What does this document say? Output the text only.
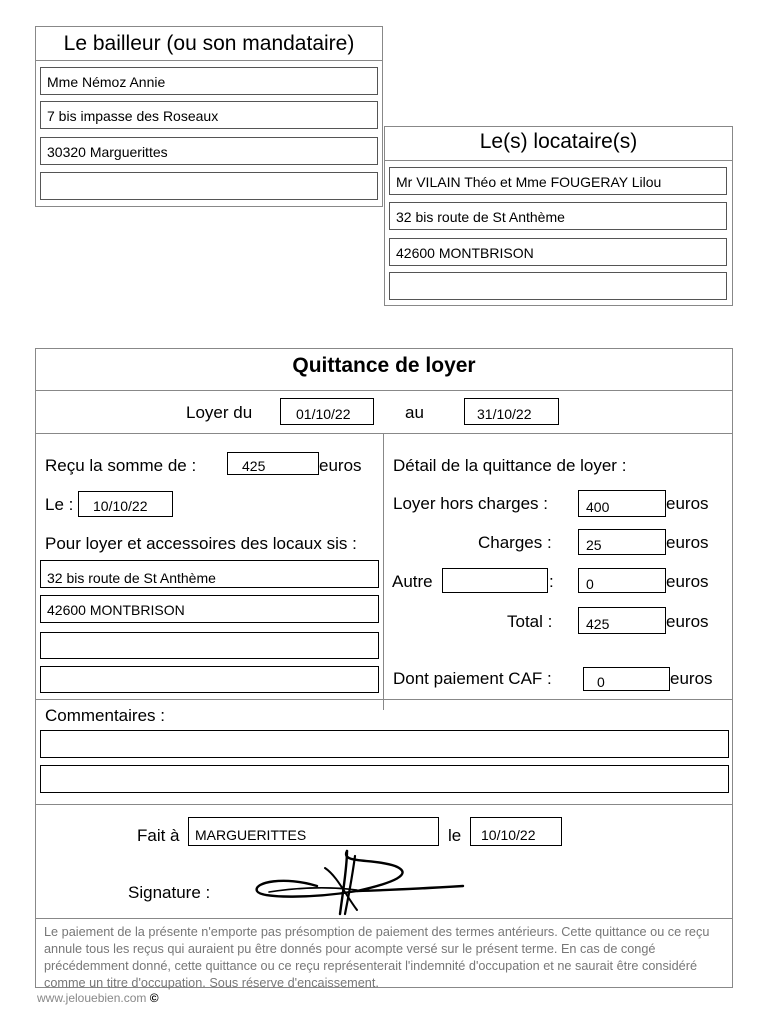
Le bailleur (ou son mandataire)
Mme Némoz Annie
7 bis impasse des Roseaux
30320 Marguerittes	Le(s) locataire(s)
Mr VILAIN Théo et Mme FOUGERAY Lilou
32 bis route de St Anthème
42600 MONTBRISON
Quittance de loyer
Loyer du	01/10/22	au	31/10/22
Reçu la somme de :	425	euros
Le :	10/10/22
Pour loyer et accessoires des locaux sis :
32 bis route de St Anthème
42600 MONTBRISON
Détail de la quittance de loyer :
Loyer hors charges :	400	euros
Charges :	25	euros
Autre	:	0	euros
Total :	425	euros
Dont paiement CAF :	0	euros
Commentaires :
Fait à	MARGUERITTES	le	10/10/22
Signature :
Le paiement de la présente n'emporte pas présomption de paiement des termes antérieurs. Cette quittance ou ce reçu annule tous les reçus qui auraient pu être donnés pour acompte versé sur le présent terme. En cas de congé précédemment donné, cette quittance ou ce reçu représenterait l'indemnité d'occupation et ne saurait être considéré comme un titre d'occupation. Sous réserve d'encaissement.
www.jelouebien.com ©
